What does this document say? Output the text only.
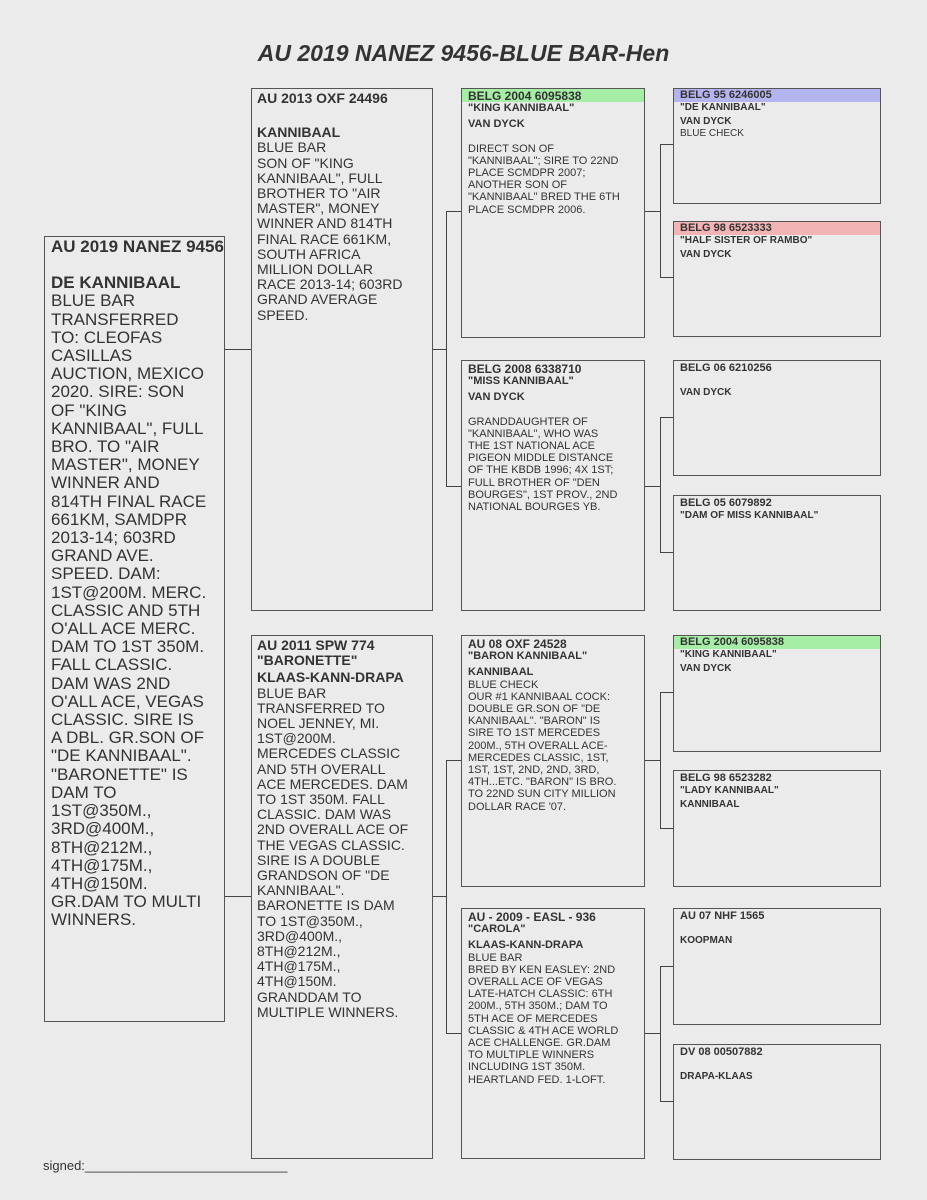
AU 2019 NANEZ 9456-BLUE BAR-Hen
AU 2019 NANEZ 9456
DE KANNIBAAL
BLUE BAR
TRANSFERRED
TO: CLEOFAS
CASILLAS
AUCTION, MEXICO
2020. SIRE: SON
OF "KING
KANNIBAAL", FULL
BRO. TO "AIR
MASTER", MONEY
WINNER AND
814TH FINAL RACE
661KM, SAMDPR
2013-14; 603RD
GRAND AVE.
SPEED. DAM:
1ST@200M. MERC.
CLASSIC AND 5TH
O'ALL ACE MERC.
DAM TO 1ST 350M.
FALL CLASSIC.
DAM WAS 2ND
O'ALL ACE, VEGAS
CLASSIC. SIRE IS
A DBL. GR.SON OF
"DE KANNIBAAL".
"BARONETTE" IS
DAM TO
1ST@350M.,
3RD@400M.,
8TH@212M.,
4TH@175M.,
4TH@150M.
GR.DAM TO MULTI
WINNERS.
AU 2013 OXF 24496
KANNIBAAL
BLUE BAR
SON OF "KING
KANNIBAAL", FULL
BROTHER TO "AIR
MASTER", MONEY
WINNER AND 814TH
FINAL RACE 661KM,
SOUTH AFRICA
MILLION DOLLAR
RACE 2013-14; 603RD
GRAND AVERAGE
SPEED.
AU 2011 SPW 774
"BARONETTE"
KLAAS-KANN-DRAPA
BLUE BAR
TRANSFERRED TO
NOEL JENNEY, MI.
1ST@200M.
MERCEDES CLASSIC
AND 5TH OVERALL
ACE MERCEDES. DAM
TO 1ST 350M. FALL
CLASSIC. DAM WAS
2ND OVERALL ACE OF
THE VEGAS CLASSIC.
SIRE IS A DOUBLE
GRANDSON OF "DE
KANNIBAAL".
BARONETTE IS DAM
TO 1ST@350M.,
3RD@400M.,
8TH@212M.,
4TH@175M.,
4TH@150M.
GRANDDAM TO
MULTIPLE WINNERS.
BELG 2004 6095838
"KING KANNIBAAL"
VAN DYCK
DIRECT SON OF
"KANNIBAAL"; SIRE TO 22ND
PLACE SCMDPR 2007;
ANOTHER SON OF
"KANNIBAAL" BRED THE 6TH
PLACE SCMDPR 2006.
BELG 2008 6338710
"MISS KANNIBAAL"
VAN DYCK
GRANDDAUGHTER OF
"KANNIBAAL", WHO WAS
THE 1ST NATIONAL ACE
PIGEON MIDDLE DISTANCE
OF THE KBDB 1996; 4X 1ST;
FULL BROTHER OF "DEN
BOURGES", 1ST PROV., 2ND
NATIONAL BOURGES YB.
AU 08 OXF 24528
"BARON KANNIBAAL"
KANNIBAAL
BLUE CHECK
OUR #1 KANNIBAAL COCK:
DOUBLE GR.SON OF "DE
KANNIBAAL". "BARON" IS
SIRE TO 1ST MERCEDES
200M., 5TH OVERALL ACE-
MERCEDES CLASSIC, 1ST,
1ST, 1ST, 2ND, 2ND, 3RD,
4TH...ETC. "BARON" IS BRO.
TO 22ND SUN CITY MILLION
DOLLAR RACE '07.
AU - 2009 - EASL - 936
"CAROLA"
KLAAS-KANN-DRAPA
BLUE BAR
BRED BY KEN EASLEY: 2ND
OVERALL ACE OF VEGAS
LATE-HATCH CLASSIC: 6TH
200M., 5TH 350M.; DAM TO
5TH ACE OF MERCEDES
CLASSIC & 4TH ACE WORLD
ACE CHALLENGE. GR.DAM
TO MULTIPLE WINNERS
INCLUDING 1ST 350M.
HEARTLAND FED. 1-LOFT.
BELG 95 6246005
"DE KANNIBAAL"
VAN DYCK
BLUE CHECK
BELG 98 6523333
"HALF SISTER OF RAMBO"
VAN DYCK
BELG 06 6210256
VAN DYCK
BELG 05 6079892
"DAM OF MISS KANNIBAAL"
BELG 2004 6095838
"KING KANNIBAAL"
VAN DYCK
BELG 98 6523282
"LADY KANNIBAAL"
KANNIBAAL
AU 07 NHF 1565
KOOPMAN
DV 08 00507882
DRAPA-KLAAS
signed:____________________________
